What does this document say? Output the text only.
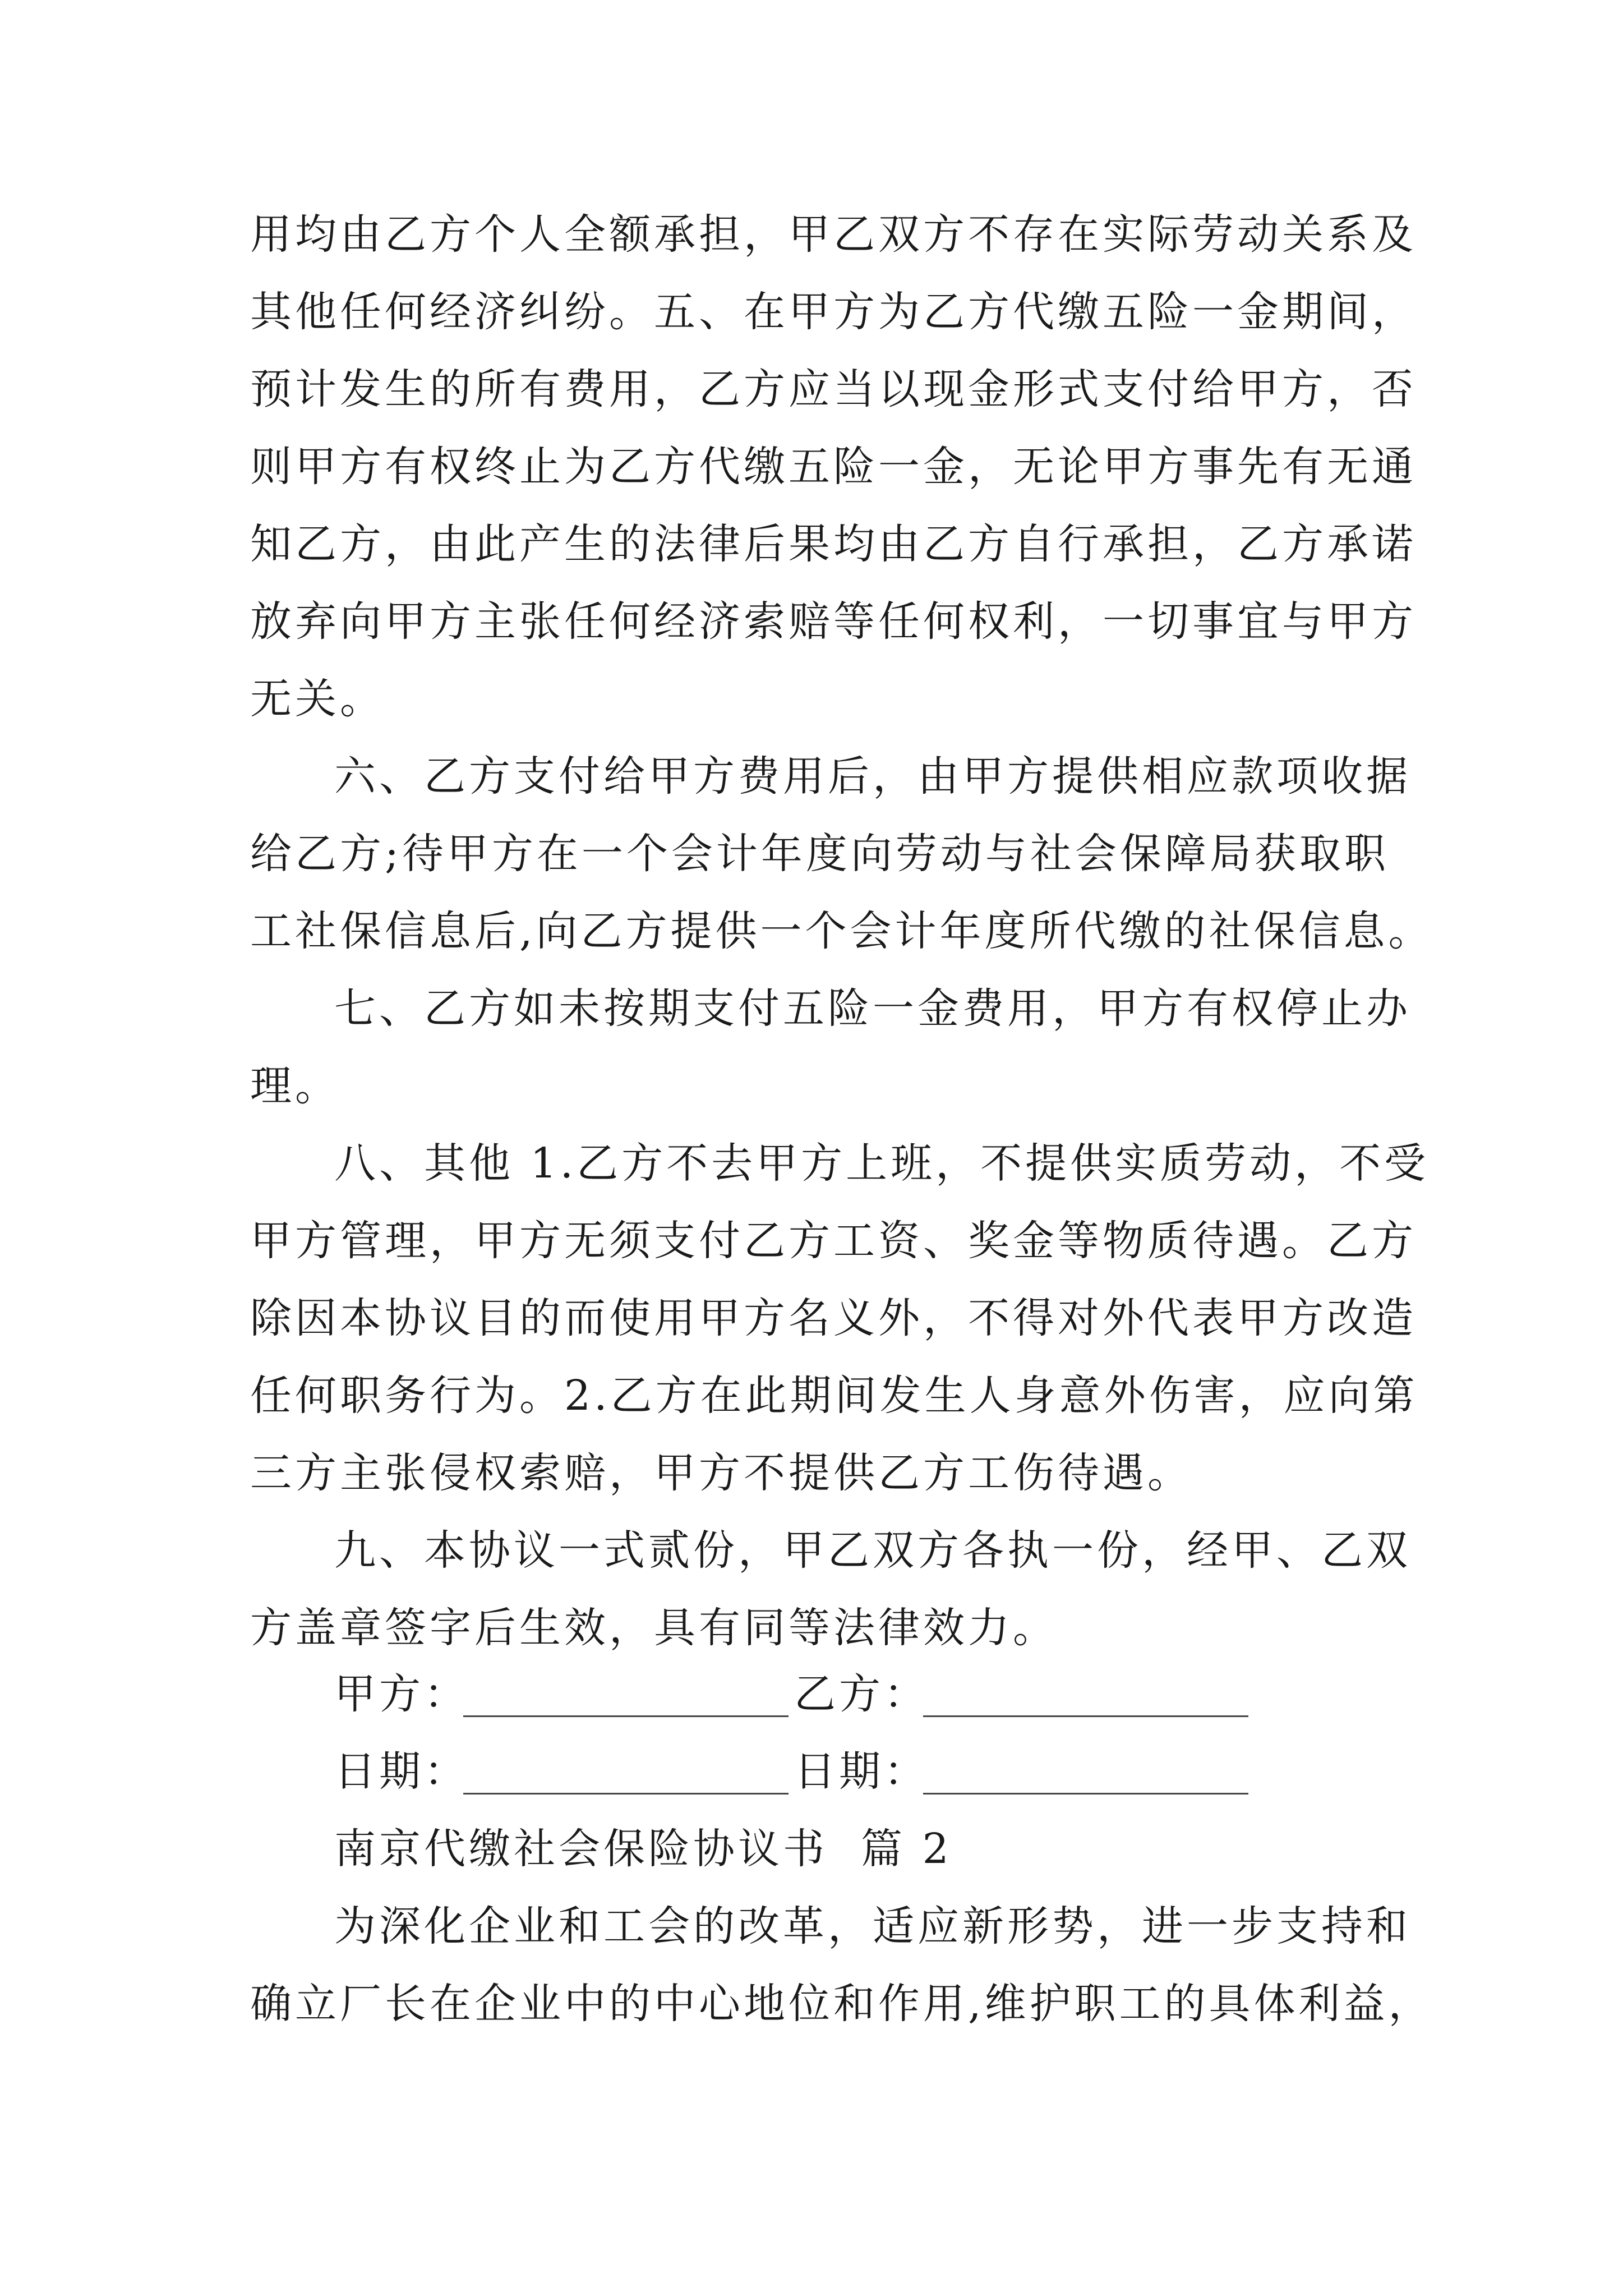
用均由乙方个人全额承担，甲乙双方不存在实际劳动关系及
其他任何经济纠纷。五、在甲方为乙方代缴五险一金期间，
预计发生的所有费用，乙方应当以现金形式支付给甲方，否
则甲方有权终止为乙方代缴五险一金，无论甲方事先有无通
知乙方，由此产生的法律后果均由乙方自行承担，乙方承诺
放弃向甲方主张任何经济索赔等任何权利，一切事宜与甲方
无关。
六、乙方支付给甲方费用后，由甲方提供相应款项收据
给乙方;待甲方在一个会计年度向劳动与社会保障局获取职
工社保信息后,向乙方提供一个会计年度所代缴的社保信息。
七、乙方如未按期支付五险一金费用，甲方有权停止办
理。
八、其他 1.乙方不去甲方上班，不提供实质劳动，不受
甲方管理，甲方无须支付乙方工资、奖金等物质待遇。乙方
除因本协议目的而使用甲方名义外，不得对外代表甲方改造
任何职务行为。2.乙方在此期间发生人身意外伤害，应向第
三方主张侵权索赔，甲方不提供乙方工伤待遇。
九、本协议一式贰份，甲乙双方各执一份，经甲、乙双
方盖章签字后生效，具有同等法律效力。
甲方：	乙方：
日期：	日期：
南京代缴社会保险协议书  篇 2
为深化企业和工会的改革，适应新形势，进一步支持和
确立厂长在企业中的中心地位和作用,维护职工的具体利益，
